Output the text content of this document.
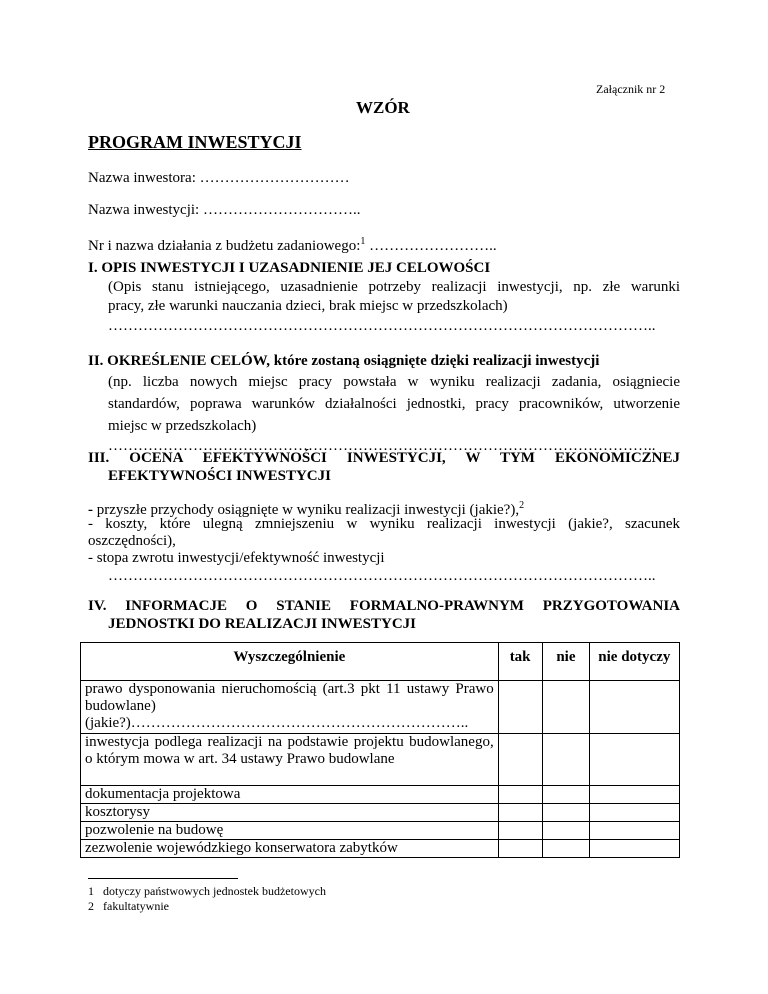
Załącznik nr 2
WZÓR
PROGRAM INWESTYCJI
Nazwa inwestora: …………………………
Nazwa inwestycji: …………………………..
Nr i nazwa działania z budżetu zadaniowego:$^1$ ……………………..
I. OPIS INWESTYCJI I UZASADNIENIE JEJ CELOWOŚCI
(Opis stanu istniejącego, uzasadnienie potrzeby realizacji inwestycji, np. złe warunki
pracy, złe warunki nauczania dzieci, brak miejsc w przedszkolach)
………………………………………………………………………………………………..
II. OKREŚLENIE CELÓW, które zostaną osiągnięte dzięki realizacji inwestycji
(np. liczba nowych miejsc pracy powstała w wyniku realizacji zadania, osiągniecie
standardów, poprawa warunków działalności jednostki, pracy pracowników, utworzenie
miejsc w przedszkolach)
………………………………………………………………………………………………..
III. OCENA EFEKTYWNOŚCI INWESTYCJI, W TYM EKONOMICZNEJ
EFEKTYWNOŚCI INWESTYCJI
- przyszłe przychody osiągnięte w wyniku realizacji inwestycji (jakie?),$^2$
- koszty, które ulegną zmniejszeniu w wyniku realizacji inwestycji (jakie?, szacunek
oszczędności),
- stopa zwrotu inwestycji/efektywność inwestycji
………………………………………………………………………………………………..
IV. INFORMACJE O STANIE FORMALNO-PRAWNYM PRZYGOTOWANIA
JEDNOSTKI DO REALIZACJI INWESTYCJI
Wyszczególnienie	tak	nie	nie dotyczy
prawo dysponowania nieruchomością (art.3 pkt 11 ustawy Prawo budowlane) (jakie?)…………………………………………………………..			
inwestycja podlega realizacji na podstawie projektu budowlanego, o którym mowa w art. 34 ustawy Prawo budowlane			
dokumentacja projektowa			
kosztorysy			
pozwolenie na budowę			
zezwolenie wojewódzkiego konserwatora zabytków			
1 dotyczy państwowych jednostek budżetowych
2 fakultatywnie
